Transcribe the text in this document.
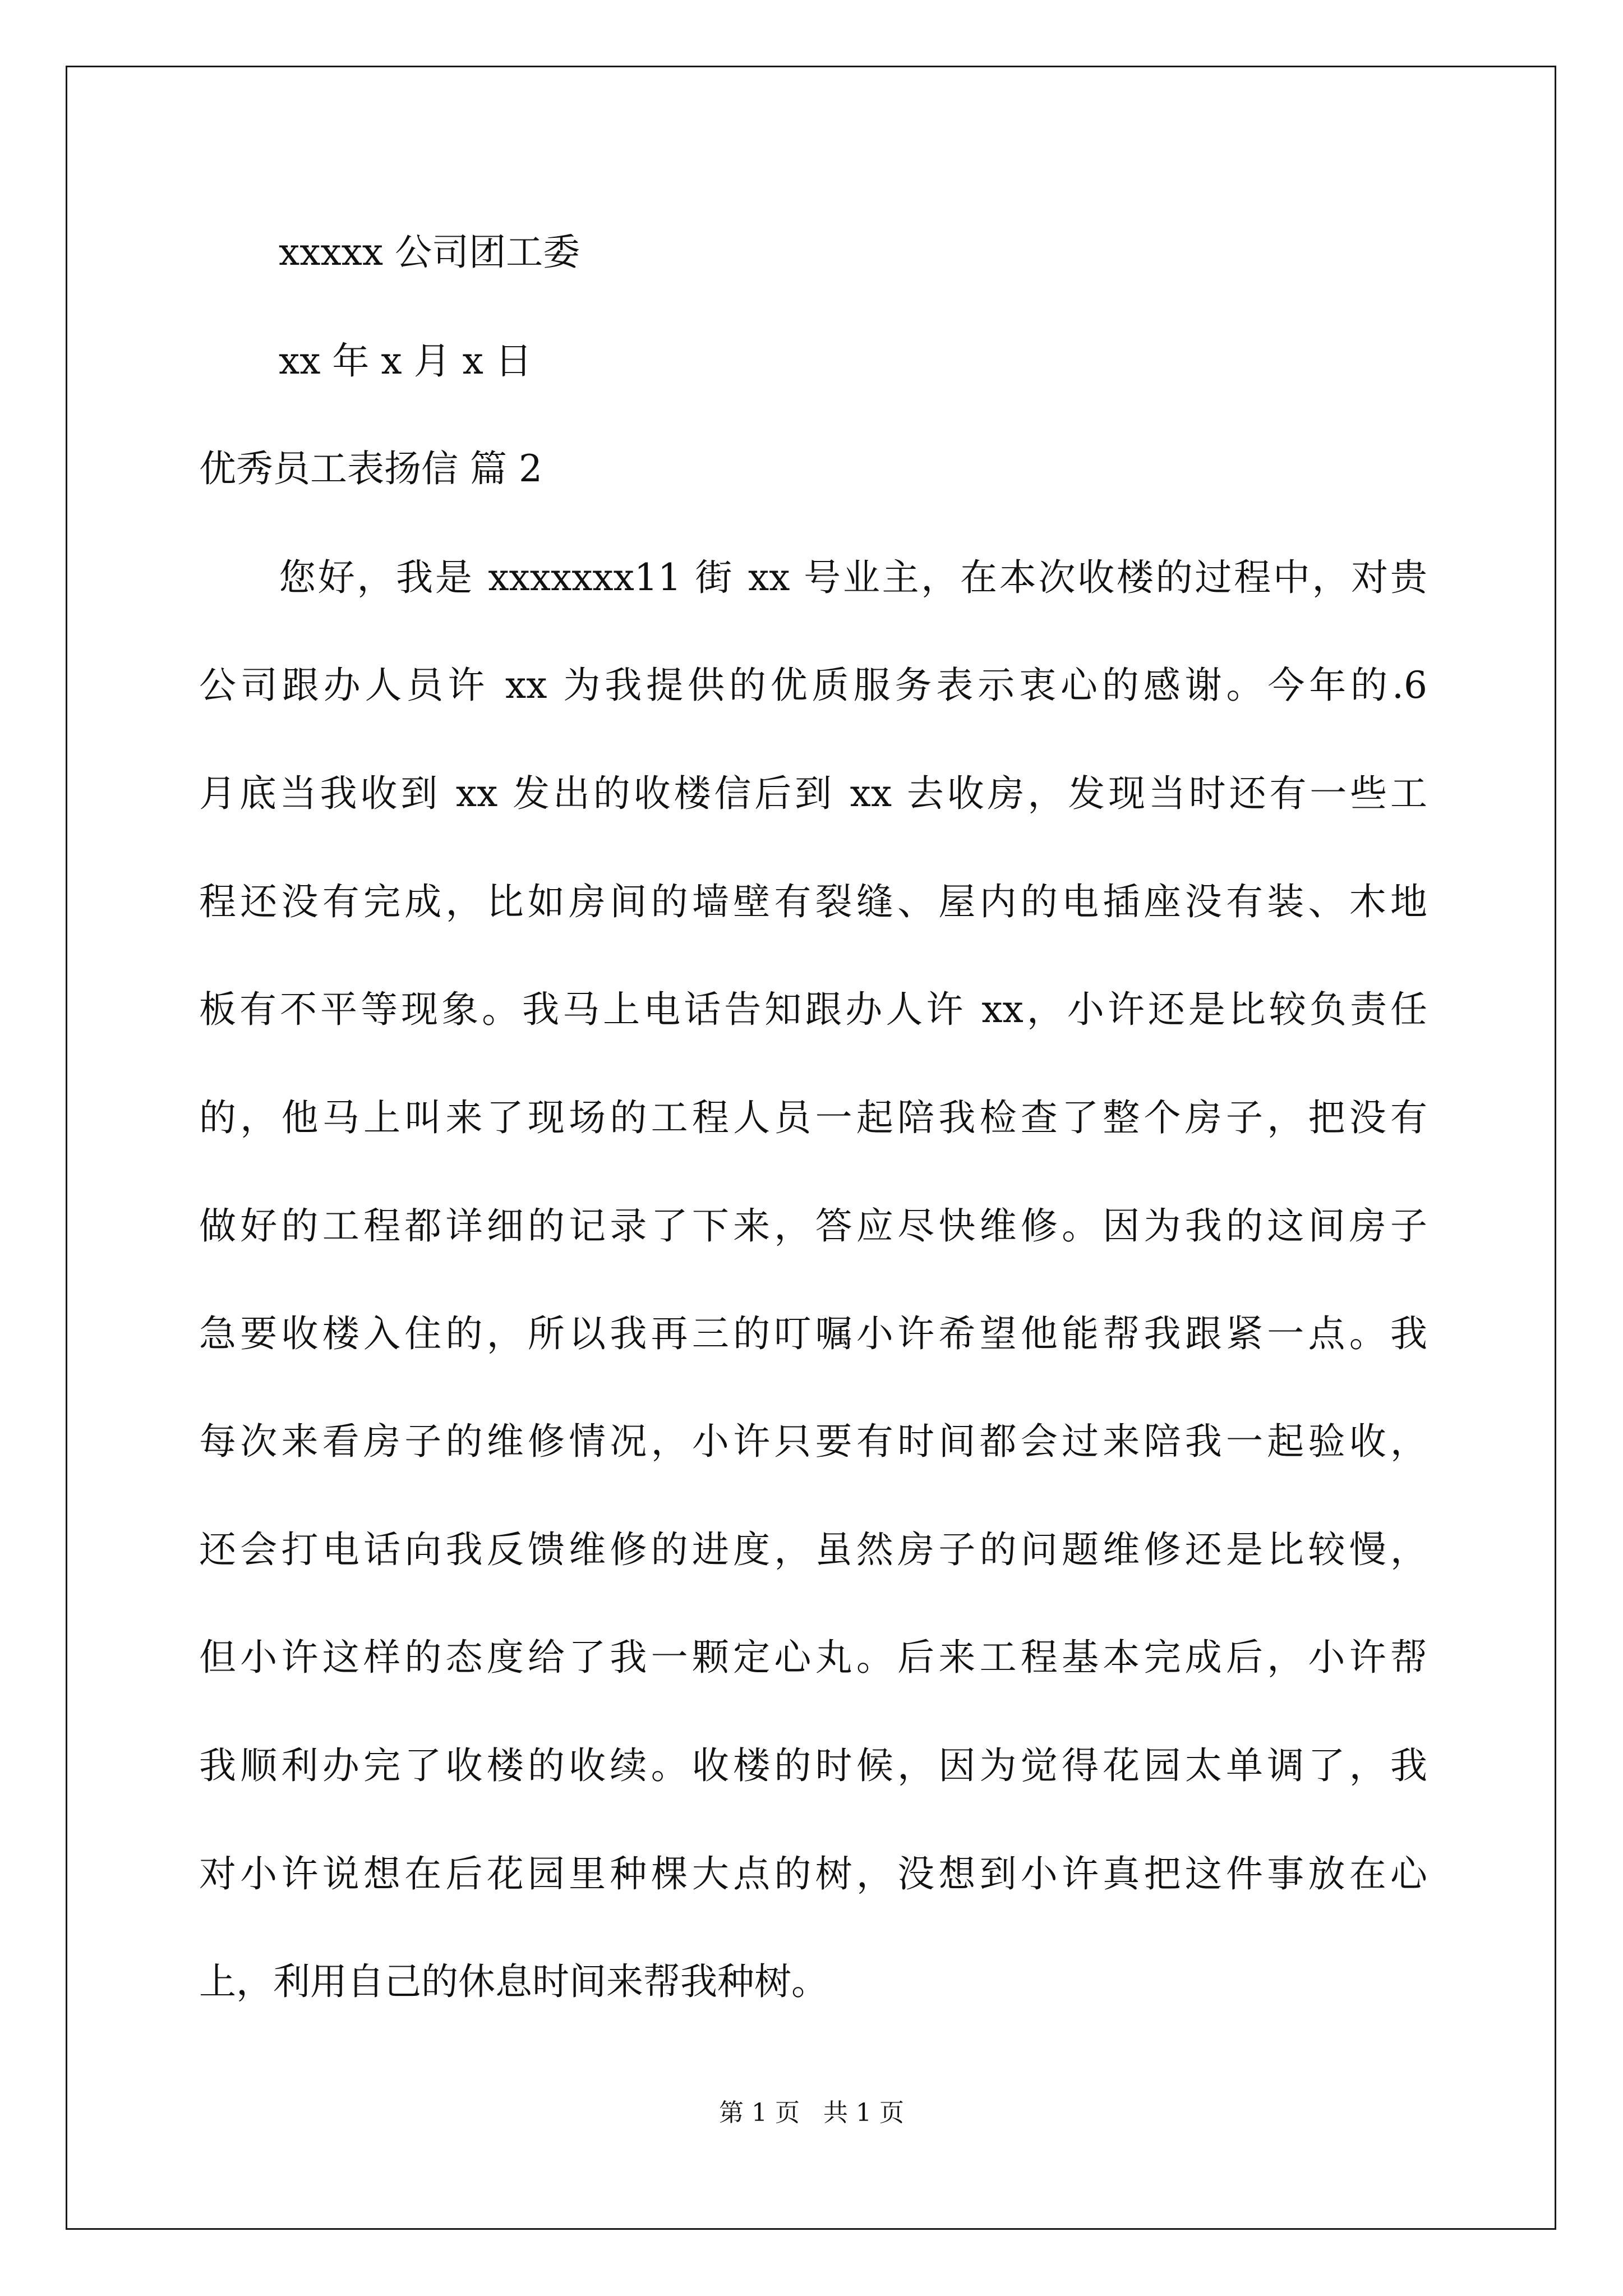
xxxxx 公司团工委
xx 年 x 月 x 日
优秀员工表扬信 篇 2
您好，我是 xxxxxxx11 街 xx 号业主，在本次收楼的过程中，对贵
公司跟办人员许 xx 为我提供的优质服务表示衷心的感谢。今年的.6
月底当我收到 xx 发出的收楼信后到 xx 去收房，发现当时还有一些工
程还没有完成，比如房间的墙壁有裂缝、屋内的电插座没有装、木地
板有不平等现象。我马上电话告知跟办人许 xx，小许还是比较负责任
的，他马上叫来了现场的工程人员一起陪我检查了整个房子，把没有
做好的工程都详细的记录了下来，答应尽快维修。因为我的这间房子
急要收楼入住的，所以我再三的叮嘱小许希望他能帮我跟紧一点。我
每次来看房子的维修情况，小许只要有时间都会过来陪我一起验收，
还会打电话向我反馈维修的进度，虽然房子的问题维修还是比较慢，
但小许这样的态度给了我一颗定心丸。后来工程基本完成后，小许帮
我顺利办完了收楼的收续。收楼的时候，因为觉得花园太单调了，我
对小许说想在后花园里种棵大点的树，没想到小许真把这件事放在心
上，利用自己的休息时间来帮我种树。
第 1 页   共 1 页
